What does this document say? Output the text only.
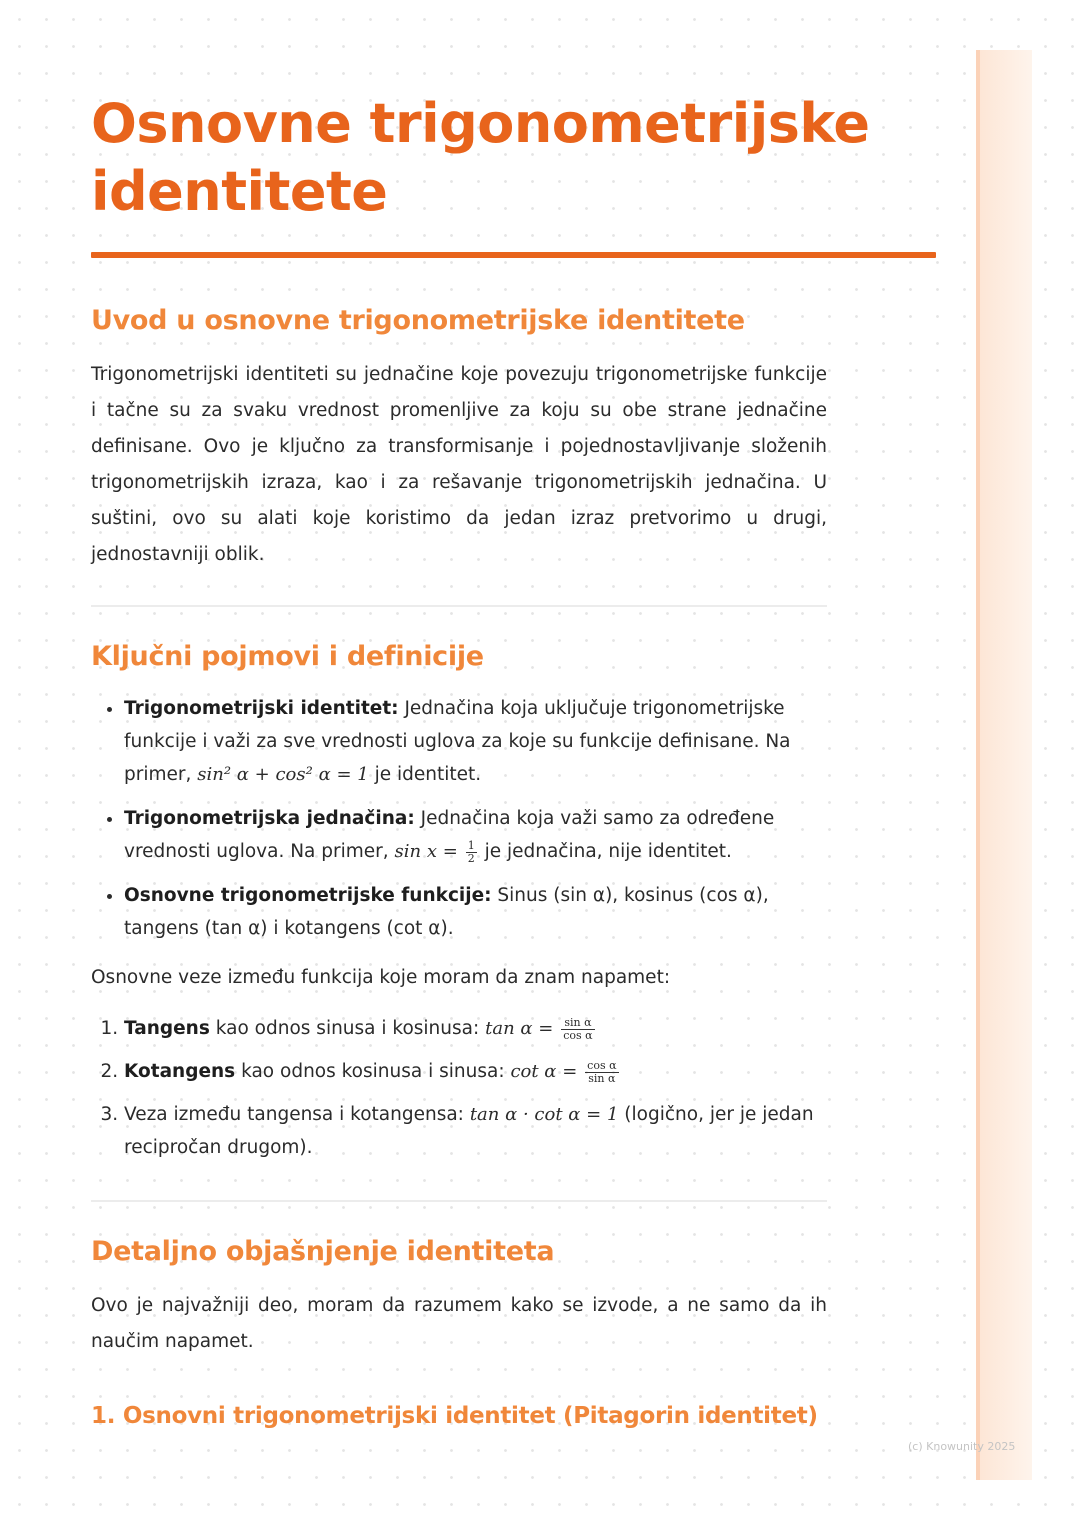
Osnovne trigonometrijske identitete
Uvod u osnovne trigonometrijske identitete

Trigonometrijski identiteti su jednačine koje povezuju trigonometrijske funkcije i tačne su za svaku vrednost promenljive za koju su obe strane jednačine definisane. Ovo je ključno za transformisanje i pojednostavljivanje složenih trigonometrijskih izraza, kao i za rešavanje trigonometrijskih jednačina. U suštini, ovo su alati koje koristimo da jedan izraz pretvorimo u drugi, jednostavniji oblik.

Ključni pojmovi i definicije
• Trigonometrijski identitet: Jednačina koja uključuje trigonometrijske funkcije i važi za sve vrednosti uglova za koje su funkcije definisane. Na primer, sin² α + cos² α = 1 je identitet.
• Trigonometrijska jednačina: Jednačina koja važi samo za određene vrednosti uglova. Na primer, $\sin x = \frac{1}{2}$ je jednačina, nije identitet.
• Osnovne trigonometrijske funkcije: Sinus (sin α), kosinus (cos α), tangens (tan α) i kotangens (cot α).

Osnovne veze između funkcija koje moram da znam napamet:

1. Tangens kao odnos sinusa i kosinusa: $\tan \alpha = \frac{\text{sin α}}{\text{cos α}}$
2. Kotangens kao odnos kosinusa i sinusa: $\cot \alpha = \frac{\text{cos α}}{\text{sin α}}$
3. Veza između tangensa i kotangensa: tan α · cot α = 1 (logično, jer je jedan recipročan drugom).
Detaljno objašnjenje identiteta

Ovo je najvažniji deo, moram da razumem kako se izvode, a ne samo da ih naučim napamet.

1. Osnovni trigonometrijski identitet (Pitagorin identitet)
(c) Knowunity 2025
